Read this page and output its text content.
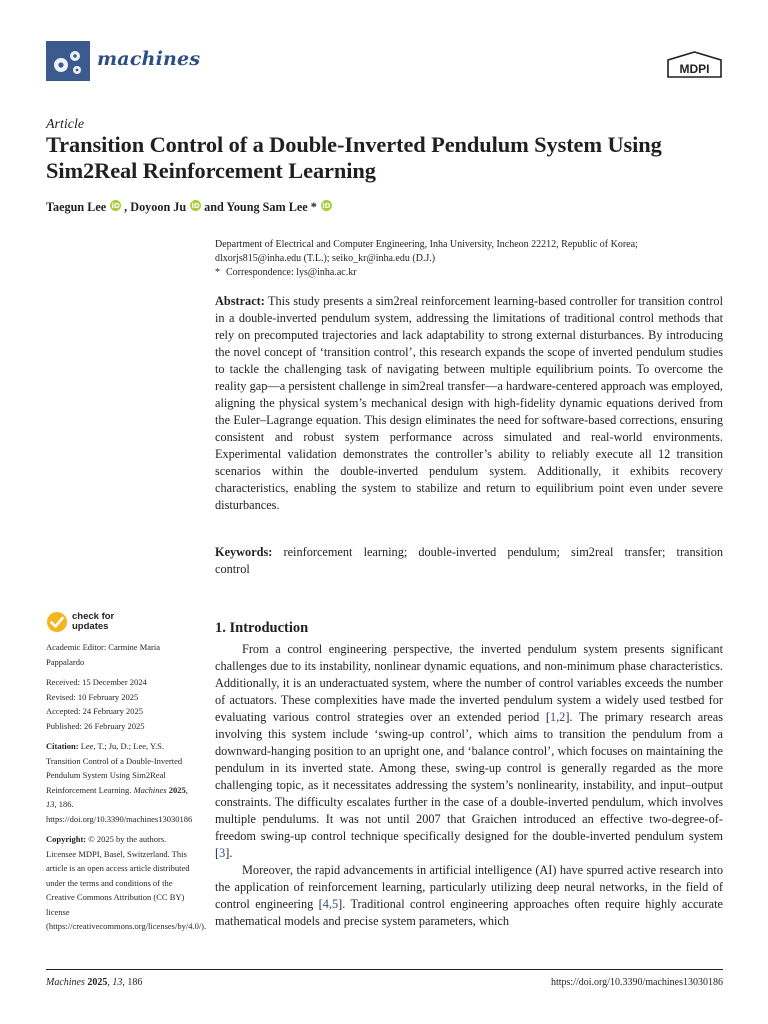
machines	MDPI
Article
Transition Control of a Double-Inverted Pendulum System Using Sim2Real Reinforcement Learning
Taegun Lee iD , Doyoon Ju iD and Young Sam Lee * iD
Department of Electrical and Computer Engineering, Inha University, Incheon 22212, Republic of Korea;
dlxorjs815@inha.edu (T.L.); seiko_kr@inha.edu (D.J.)
* Correspondence: lys@inha.ac.kr
Abstract: This study presents a sim2real reinforcement learning-based controller for transition control in a double-inverted pendulum system, addressing the limitations of traditional control methods that rely on precomputed trajectories and lack adaptability to strong external disturbances. By introducing the novel concept of ‘transition control’, this research expands the scope of inverted pendulum studies to tackle the challenging task of navigating between multiple equilibrium points. To overcome the reality gap—a persistent challenge in sim2real transfer—a hardware-centered approach was employed, aligning the physical system’s mechanical design with high-fidelity dynamic equations derived from the Euler–Lagrange equation. This design eliminates the need for software-based corrections, ensuring consistent and robust system performance across simulated and real-world environments. Experimental validation demonstrates the controller’s ability to reliably execute all 12 transition scenarios within the double-inverted pendulum system. Additionally, it exhibits recovery characteristics, enabling the system to stabilize and return to equilibrium point even under severe disturbances.
Keywords: reinforcement learning; double-inverted pendulum; sim2real transfer; transition control
check for
updates

Academic Editor: Carmine Maria Pappalardo

Received: 15 December 2024

Revised: 10 February 2025

Accepted: 24 February 2025

Published: 26 February 2025

Citation: Lee, T.; Ju, D.; Lee, Y.S. Transition Control of a Double-Inverted Pendulum System Using Sim2Real Reinforcement Learning. Machines 2025, 13, 186. https://doi.org/10.3390/machines13030186

Copyright: © 2025 by the authors. Licensee MDPI, Basel, Switzerland. This article is an open access article distributed under the terms and conditions of the Creative Commons Attribution (CC BY) license (https://creativecommons.org/licenses/by/4.0/).

1. Introduction

From a control engineering perspective, the inverted pendulum system presents significant challenges due to its instability, nonlinear dynamic equations, and non-minimum phase characteristics. Additionally, it is an underactuated system, where the number of control variables exceeds the number of actuators. These complexities have made the inverted pendulum system a widely used testbed for evaluating various control strategies over an extended period [1,2]. The primary research areas involving this system include ‘swing-up control’, which aims to transition the pendulum from a downward-hanging position to an upright one, and ‘balance control’, which focuses on maintaining the pendulum in its inverted state. Among these, swing-up control is generally regarded as the more challenging topic, as it necessitates addressing the system’s nonlinearity, instability, and input–output constraints. The difficulty escalates further in the case of a double-inverted pendulum, which involves multiple pendulums. It was not until 2007 that Graichen introduced an effective two-degree-of-freedom swing-up control technique specifically designed for the double-inverted pendulum system [3].

Moreover, the rapid advancements in artificial intelligence (AI) have spurred active research into the application of reinforcement learning, particularly utilizing deep neural networks, in the field of control engineering [4,5]. Traditional control engineering approaches often require highly accurate mathematical models and precise system parameters, which

Machines 2025, 13, 186	https://doi.org/10.3390/machines13030186
